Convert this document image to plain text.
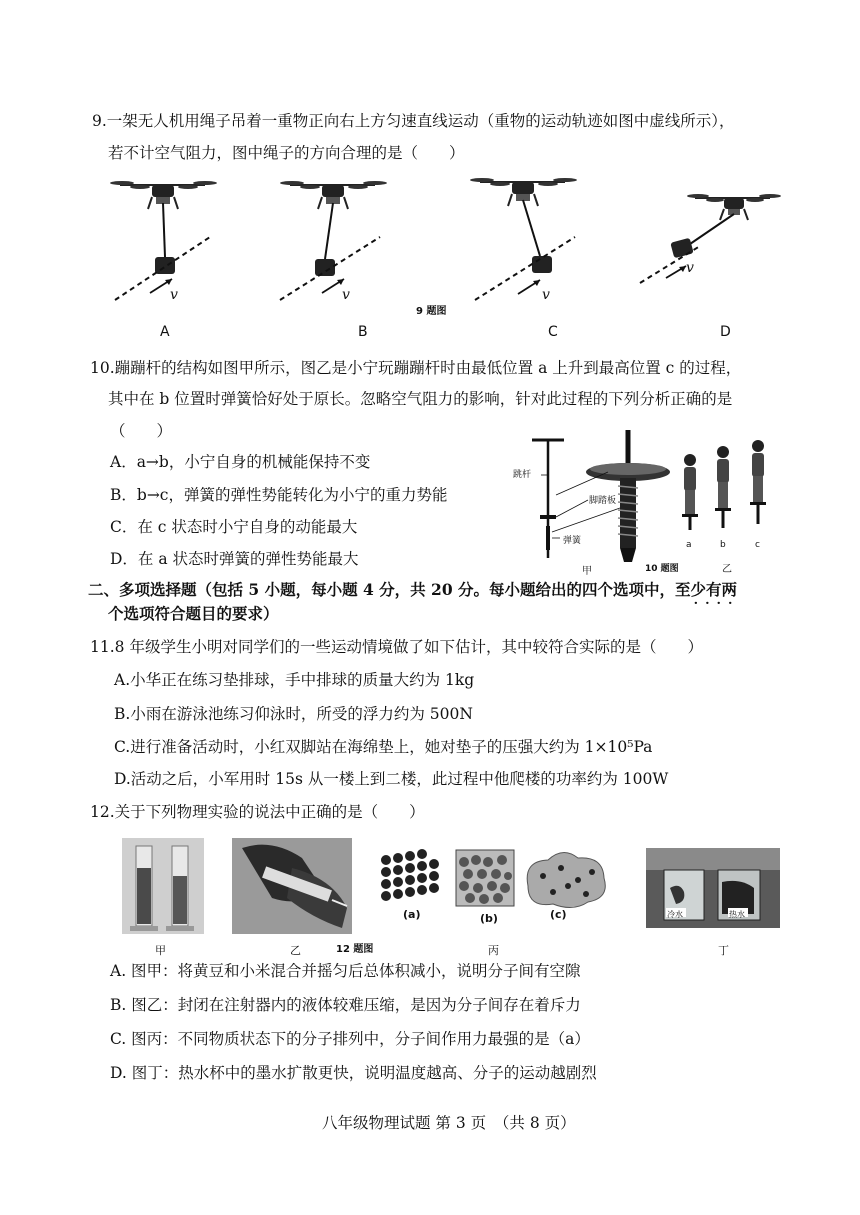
9.一架无人机用绳子吊着一重物正向右上方匀速直线运动（重物的运动轨迹如图中虚线所示），
若不计空气阻力，图中绳子的方向合理的是（　　）
v	v
9 题图
v
v
A	B	C	D
10.蹦蹦杆的结构如图甲所示，图乙是小宁玩蹦蹦杆时由最低位置 a 上升到最高位置 c 的过程，
其中在 b 位置时弹簧恰好处于原长。忽略空气阻力的影响，针对此过程的下列分析正确的是
（　　）
A．a→b，小宁自身的机械能保持不变
B．b→c，弹簧的弹性势能转化为小宁的重力势能
C．在 c 状态时小宁自身的动能最大
D．在 a 状态时弹簧的弹性势能最大
跳杆
脚踏板
弹簧	a	b	c
甲	10 题图	乙
二、多项选择题（包括 5 小题，每小题 4 分，共 20 分。每小题给出的四个选项中，至少有两
个选项符合题目的要求）	· · · ·
11.8 年级学生小明对同学们的一些运动情境做了如下估计，其中较符合实际的是（　　）
A.小华正在练习垫排球，手中排球的质量大约为 1kg
B.小雨在游泳池练习仰泳时，所受的浮力约为 500N
C.进行准备活动时，小红双脚站在海绵垫上，她对垫子的压强大约为 1×10⁵Pa
D.活动之后，小军用时 15s 从一楼上到二楼，此过程中他爬楼的功率约为 100W
12.关于下列物理实验的说法中正确的是（　　）
(a)	(b)	(c)	冷水	热水
甲	乙	12 题图	丙	丁
A. 图甲：将黄豆和小米混合并摇匀后总体积减小，说明分子间有空隙
B. 图乙：封闭在注射器内的液体较难压缩，是因为分子间存在着斥力
C. 图丙：不同物质状态下的分子排列中，分子间作用力最强的是（a）
D. 图丁：热水杯中的墨水扩散更快，说明温度越高、分子的运动越剧烈
八年级物理试题 第 3 页　（共 8 页）
